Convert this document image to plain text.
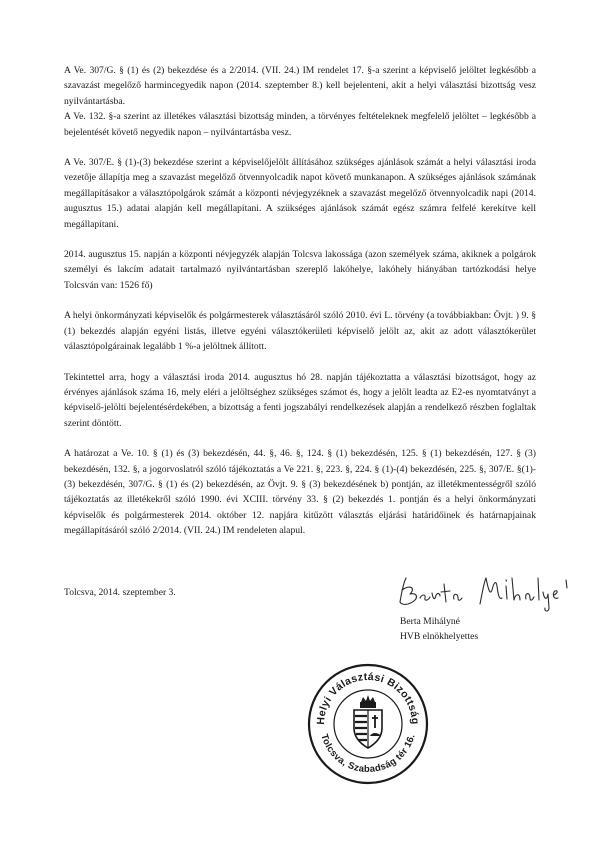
A Ve. 307/G. § (1) és (2) bekezdése és a 2/2014. (VII. 24.) IM rendelet 17. §-a szerint a képviselő jelöltet legkésőbb a szavazást megelőző harmincegyedik napon (2014. szeptember 8.) kell bejelenteni, akit a helyi választási bizottság vesz nyilvántartásba.

A Ve. 132. §-a szerint az illetékes választási bizottság minden, a törvényes feltételeknek megfelelő jelöltet – legkésőbb a bejelentését követő negyedik napon – nyilvántartásba vesz.

A Ve. 307/E. § (1)-(3) bekezdése szerint a képviselőjelölt állításához szükséges ajánlások számát a helyi választási iroda vezetője állapítja meg a szavazást megelőző ötvennyolcadik napot követő munkanapon. A szükséges ajánlások számának megállapításakor a választópolgárok számát a központi névjegyzéknek a szavazást megelőző ötvennyolcadik napi (2014. augusztus 15.) adatai alapján kell megállapítani. A szükséges ajánlások számát egész számra felfelé kerekítve kell megállapítani.

2014. augusztus 15. napján a központi névjegyzék alapján Tolcsva lakossága (azon személyek száma, akiknek a polgárok személyi és lakcím adatait tartalmazó nyilvántartásban szereplő lakóhelye, lakóhely hiányában tartózkodási helye Tolcsván van: 1526 fő)

A helyi önkormányzati képviselők és polgármesterek választásáról szóló 2010. évi L. törvény (a továbbiakban: Övjt. ) 9. § (1) bekezdés alapján egyéni listás, illetve egyéni választókerületi képviselő jelölt az, akit az adott választókerület választópolgárainak legalább 1 %-a jelöltnek állított.

Tekintettel arra, hogy a választási iroda 2014. augusztus hó 28. napján tájékoztatta a választási bizottságot, hogy az érvényes ajánlások száma 16, mely eléri a jelöltséghez szükséges számot és, hogy a jelölt leadta az E2-es nyomtatványt a képviselő-jelölti bejelentésérdekében, a bizottság a fenti jogszabályi rendelkezések alapján a rendelkező részben foglaltak szerint döntött.

A határozat a Ve. 10. § (1) és (3) bekezdésén, 44. §, 46. §, 124. § (1) bekezdésén, 125. § (1) bekezdésén, 127. § (3) bekezdésén, 132. §, a jogorvoslatról szóló tájékoztatás a Ve 221. §, 223. §, 224. § (1)-(4) bekezdésén, 225. §, 307/E. §(1)-(3) bekezdésén, 307/G. § (1) és (2) bekezdésén, az Övjt. 9. § (3) bekezdésének b) pontján, az illetékmentességről szóló tájékoztatás az illetékekről szóló 1990. évi XCIII. törvény 33. § (2) bekezdés 1. pontján és a helyi önkormányzati képviselők és polgármesterek 2014. október 12. napjára kitűzött választás eljárási határidőinek és határnapjainak megállapításáról szóló 2/2014. (VII. 24.) IM rendeleten alapul.

Tolcsva, 2014. szeptember 3.
Berta Mihályné
HVB elnökhelyettes
Helyi Választási Bizottság
Tolcsva, Szabadság tér 16.
